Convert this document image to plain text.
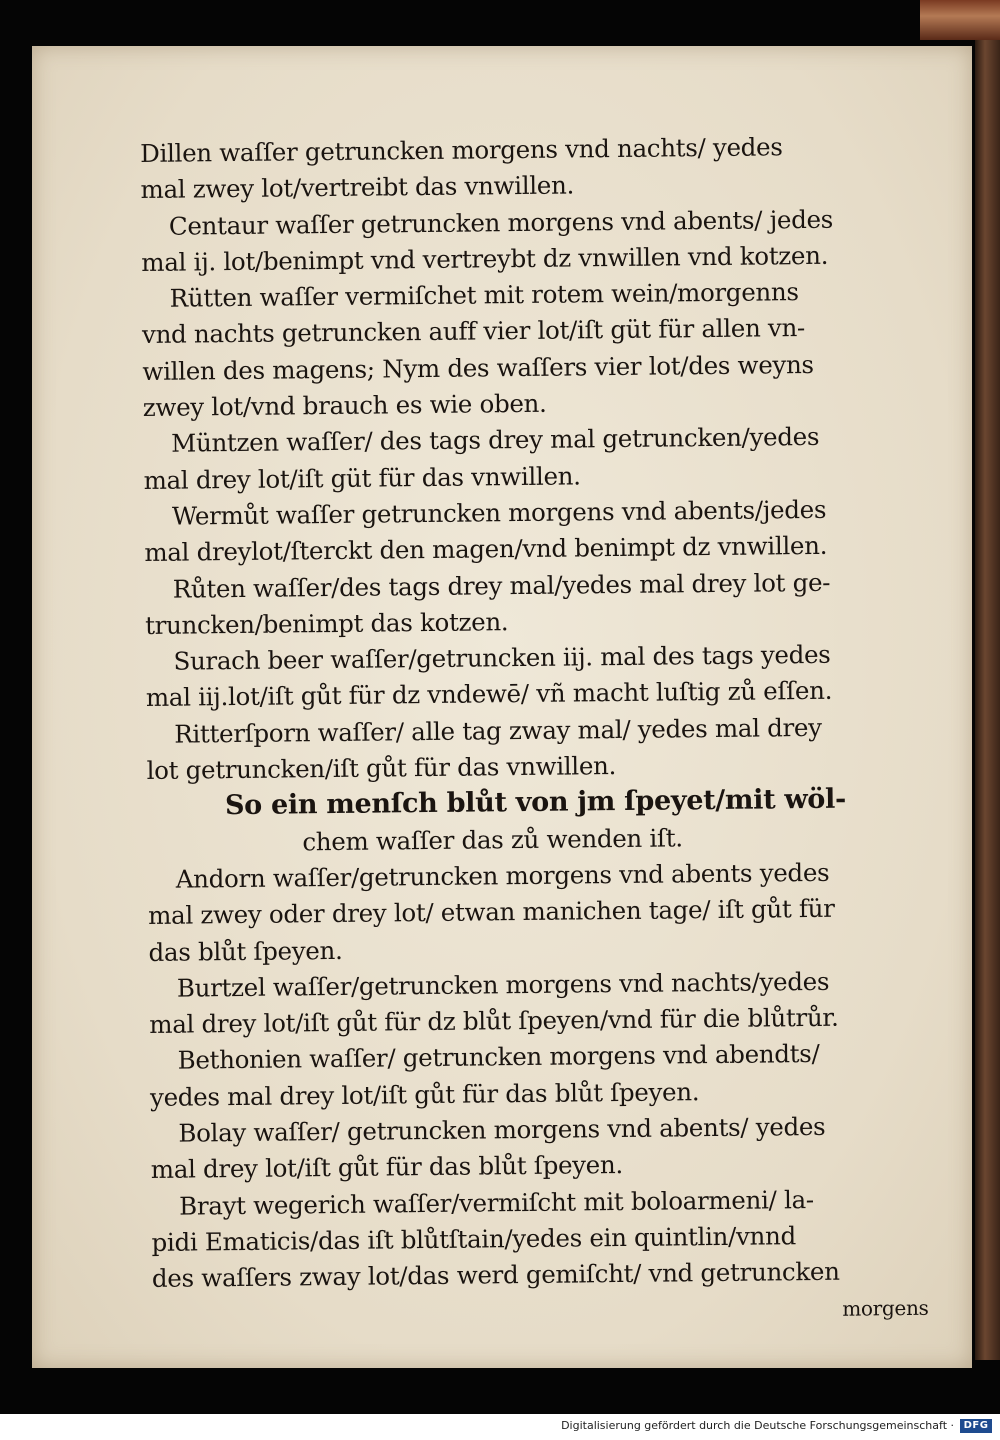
Dillen waſſer getruncken morgens vnd nachts/ yedes
mal zwey lot/vertreibt das vnwillen.
Centaur waſſer getruncken morgens vnd abents/ jedes
mal ij. lot/benimpt vnd vertreybt dz vnwillen vnd kotzen.
Rütten waſſer vermiſchet mit rotem wein/morgenns
vnd nachts getruncken auff vier lot/iſt güt für allen vn-
willen des magens; Nym des waſſers vier lot/des weyns
zwey lot/vnd brauch es wie oben.
Müntzen waſſer/ des tags drey mal getruncken/yedes
mal drey lot/iſt güt für das vnwillen.
Wermůt waſſer getruncken morgens vnd abents/jedes
mal dreylot/ſterckt den magen/vnd benimpt dz vnwillen.
Růten waſſer/des tags drey mal/yedes mal drey lot ge-
truncken/benimpt das kotzen.
Surach beer waſſer/getruncken iij. mal des tags yedes
mal iij.lot/iſt gůt für dz vndewē/ vñ macht luſtig zů eſſen.
Ritterſporn waſſer/ alle tag zway mal/ yedes mal drey
lot getruncken/iſt gůt für das vnwillen.
So ein menſch blůt von jm ſpeyet/mit wöl-
chem waſſer das zů wenden iſt.
Andorn waſſer/getruncken morgens vnd abents yedes
mal zwey oder drey lot/ etwan manichen tage/ iſt gůt für
das blůt ſpeyen.
Burtzel waſſer/getruncken morgens vnd nachts/yedes
mal drey lot/iſt gůt für dz blůt ſpeyen/vnd für die blůtrůr.
Bethonien waſſer/ getruncken morgens vnd abendts/
yedes mal drey lot/iſt gůt für das blůt ſpeyen.
Bolay waſſer/ getruncken morgens vnd abents/ yedes
mal drey lot/iſt gůt für das blůt ſpeyen.
Brayt wegerich waſſer/vermiſcht mit boloarmeni/ la-
pidi Ematicis/das iſt blůtſtain/yedes ein quintlin/vnnd
des waſſers zway lot/das werd gemiſcht/ vnd getruncken
morgens
Digitalisierung gefördert durch die Deutsche Forschungsgemeinschaft · DFG
